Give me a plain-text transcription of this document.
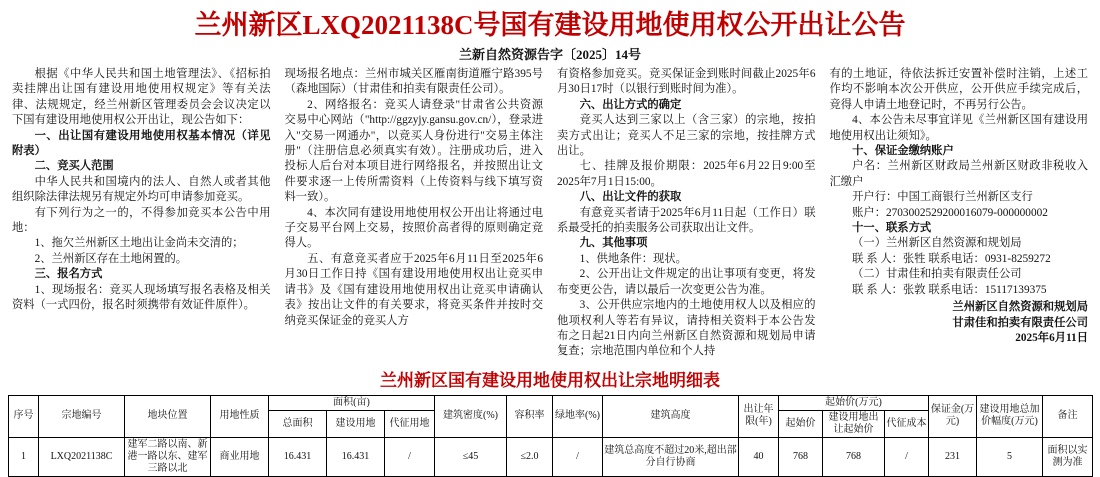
兰州新区LXQ2021138C号国有建设用地使用权公开出让公告
兰新自然资源告字〔2025〕14号

根据《中华人民共和国土地管理法》、《招标拍卖挂牌出让国有建设用地使用权规定》等有关法律、法规规定，经兰州新区管理委员会会议决定以下国有建设用地使用权公开出让，现公告如下：

一、出让国有建设用地使用权基本情况（详见附表）

二、竞买人范围

中华人民共和国境内的法人、自然人或者其他组织除法律法规另有规定外均可申请参加竞买。

有下列行为之一的，不得参加竞买本公告中用地：

1、拖欠兰州新区土地出让金尚未交清的；

2、兰州新区存在土地闲置的。

三、报名方式

1、现场报名：竞买人现场填写报名表格及相关资料（一式四份，报名时须携带有效证件原件）。

现场报名地点：兰州市城关区雁南街道雁宁路395号（森地国际）（甘肃佳和拍卖有限责任公司）。

2、网络报名：竞买人请登录"甘肃省公共资源交易中心网站（"http://ggzyjy.gansu.gov.cn/），登录进入"交易一网通办"，以竞买人身份进行"交易主体注册"（注册信息必须真实有效）。注册成功后，进入投标人后台对本项目进行网络报名，并按照出让文件要求逐一上传所需资料（上传资料与线下填写资料一致）。

4、本次同有建设用地使用权公开出让将通过电子交易平台网上交易，按照价高者得的原则确定竞得人。

五、有意竞买者应于2025年6月11日至2025年6月30日工作日持《国有建设用地使用权出让竞买申请书》及《国有建设用地使用权出让竞买申请确认表》按出让文件的有关要求，将竞买条件并按时交纳竞买保证金的竞买人方

有资格参加竞买。竞买保证金到账时间截止2025年6月30日17时（以银行到账时间为准）。

六、出让方式的确定

竞买人达到三家以上（含三家）的宗地，按拍卖方式出让；竞买人不足三家的宗地，按挂牌方式出让。

七、挂牌及报价期限：2025年6月22日9:00至2025年7月1日15:00。

八、出让文件的获取

有意竞买者请于2025年6月11日起（工作日）联系最受托的拍卖服务公司获取出让文件。

九、其他事项

1、供地条件：现状。

2、公开出让文件规定的出让事项有变更，将发布变更公告，请以最后一次变更公告为准。

3、公开供应宗地内的土地使用权人以及相应的他项权利人等若有异议，请持相关资料于本公告发布之日起21日内向兰州新区自然资源和规划局申请复查；宗地范围内单位和个人持

有的土地证，待依法拆迁安置补偿时注销，上述工作均不影响本次公开供应，公开供应手续完成后，竞得人申请土地登记时，不再另行公告。

4、本公告未尽事宜详见《兰州新区国有建设用地使用权出让须知》。

十、保证金缴纳账户

户名：兰州新区财政局兰州新区财政非税收入汇缴户

开户行：中国工商银行兰州新区支行

账户：2703002529200016079-000000002

十一、联系方式

（一）兰州新区自然资源和规划局

联 系 人：张牲 联系电话：0931-8259272

（二）甘肃佳和拍卖有限责任公司

联 系 人：张敦 联系电话：15117139375

兰州新区自然资源和规划局
甘肃佳和拍卖有限责任公司
2025年6月11日
兰州新区国有建设用地使用权出让宗地明细表
序号	宗地编号	地块位置	用地性质	面积(亩)			建筑密度(%)	容积率	绿地率(%)	建筑高度	出让年限(年)	起始价(万元)			保证金(万元)	建设用地总加价幅度(万元)	备注
				总面积	建设用地	代征用地						起始价	建设用地出让起始价	代征成本			
1	LXQ2021138C	建军二路以南、新港一路以东、建军三路以北	商业用地	16.431	16.431	/	≤45	≤2.0	/	建筑总高度不超过20米,超出部分自行协商	40	768	768	/	231	5	面积以实测为准
